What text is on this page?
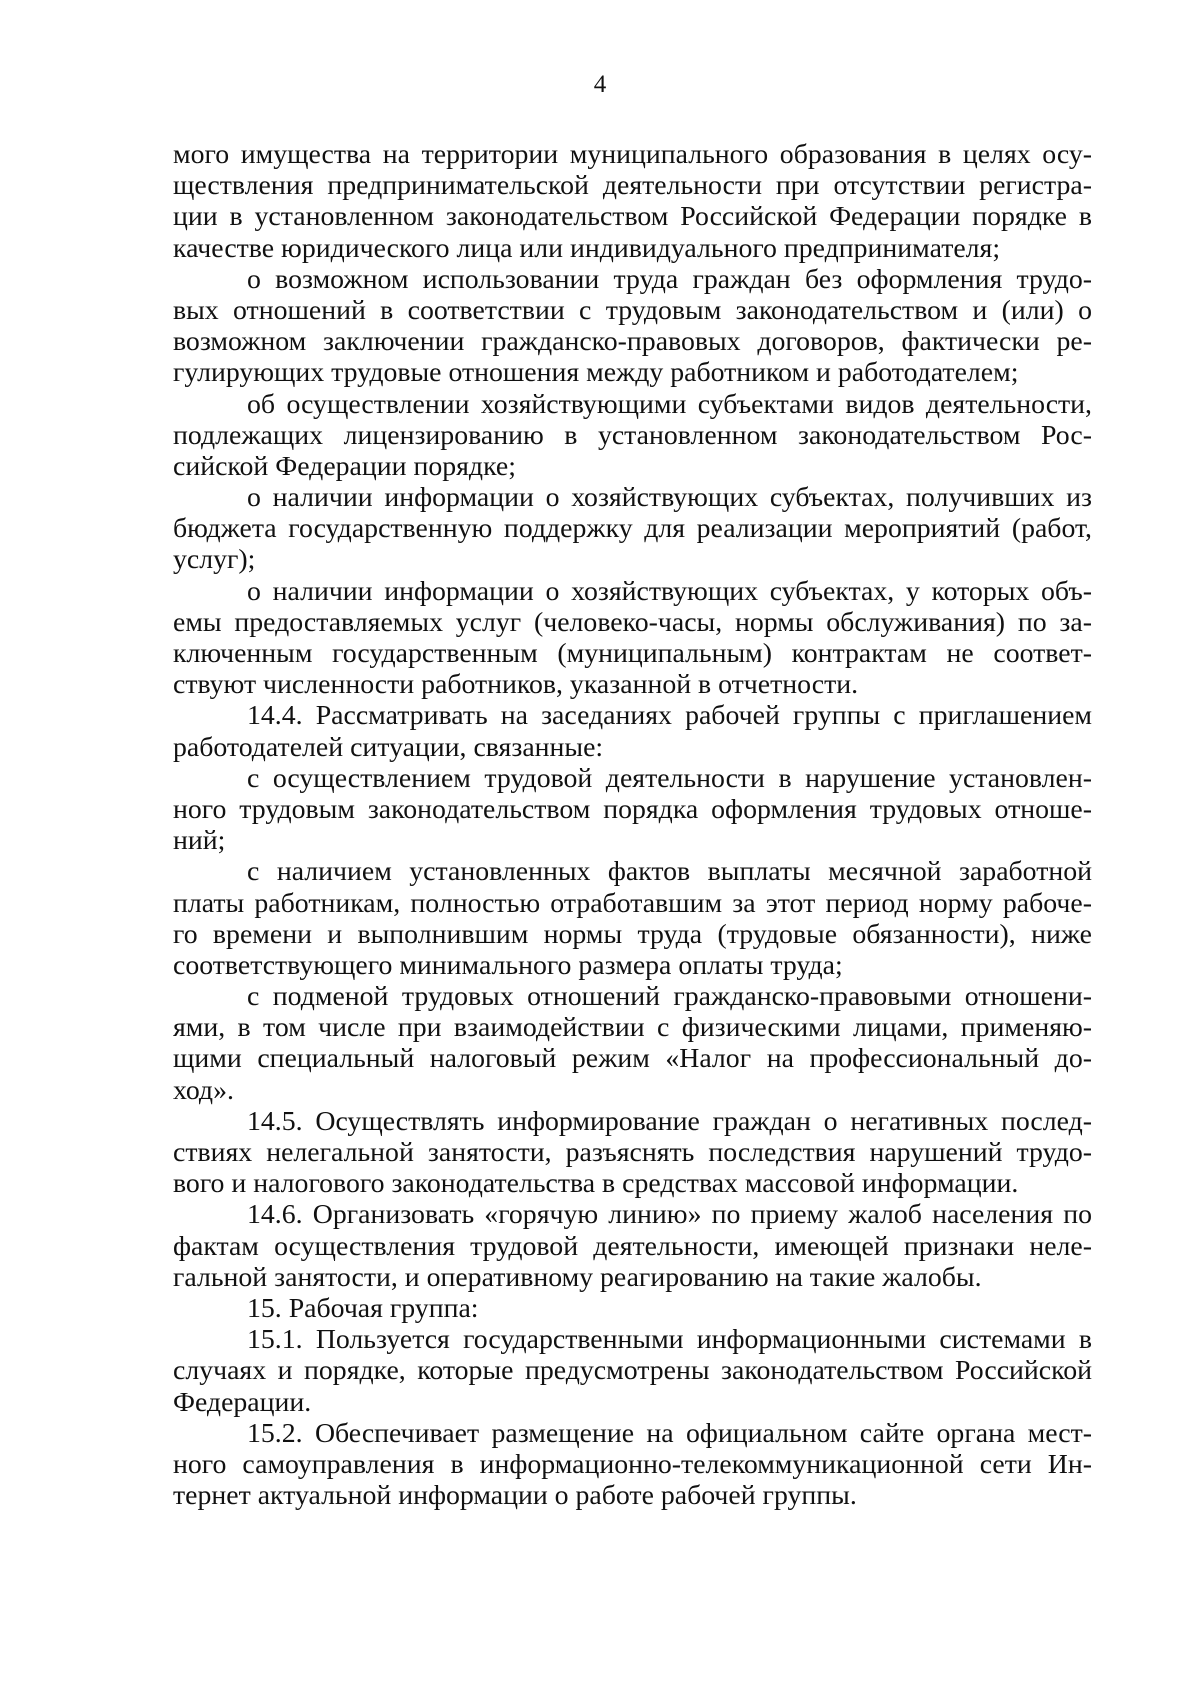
4
мого имущества на территории муниципального образования в целях осу-
ществления предпринимательской деятельности при отсутствии регистра-
ции в установленном законодательством Российской Федерации порядке в
качестве юридического лица или индивидуального предпринимателя;
о возможном использовании труда граждан без оформления трудо-
вых отношений в соответствии с трудовым законодательством и (или) о
возможном заключении гражданско-правовых договоров, фактически ре-
гулирующих трудовые отношения между работником и работодателем;
об осуществлении хозяйствующими субъектами видов деятельности,
подлежащих лицензированию в установленном законодательством Рос-
сийской Федерации порядке;
о наличии информации о хозяйствующих субъектах, получивших из
бюджета государственную поддержку для реализации мероприятий (работ,
услуг);
о наличии информации о хозяйствующих субъектах, у которых объ-
емы предоставляемых услуг (человеко-часы, нормы обслуживания) по за-
ключенным государственным (муниципальным) контрактам не соответ-
ствуют численности работников, указанной в отчетности.
14.4. Рассматривать на заседаниях рабочей группы с приглашением
работодателей ситуации, связанные:
с осуществлением трудовой деятельности в нарушение установлен-
ного трудовым законодательством порядка оформления трудовых отноше-
ний;
с наличием установленных фактов выплаты месячной заработной
платы работникам, полностью отработавшим за этот период норму рабоче-
го времени и выполнившим нормы труда (трудовые обязанности), ниже
соответствующего минимального размера оплаты труда;
с подменой трудовых отношений гражданско-правовыми отношени-
ями, в том числе при взаимодействии с физическими лицами, применяю-
щими специальный налоговый режим «Налог на профессиональный до-
ход».
14.5. Осуществлять информирование граждан о негативных послед-
ствиях нелегальной занятости, разъяснять последствия нарушений трудо-
вого и налогового законодательства в средствах массовой информации.
14.6. Организовать «горячую линию» по приему жалоб населения по
фактам осуществления трудовой деятельности, имеющей признаки неле-
гальной занятости, и оперативному реагированию на такие жалобы.
15. Рабочая группа:
15.1. Пользуется государственными информационными системами в
случаях и порядке, которые предусмотрены законодательством Российской
Федерации.
15.2. Обеспечивает размещение на официальном сайте органа мест-
ного самоуправления в информационно-телекоммуникационной сети Ин-
тернет актуальной информации о работе рабочей группы.
